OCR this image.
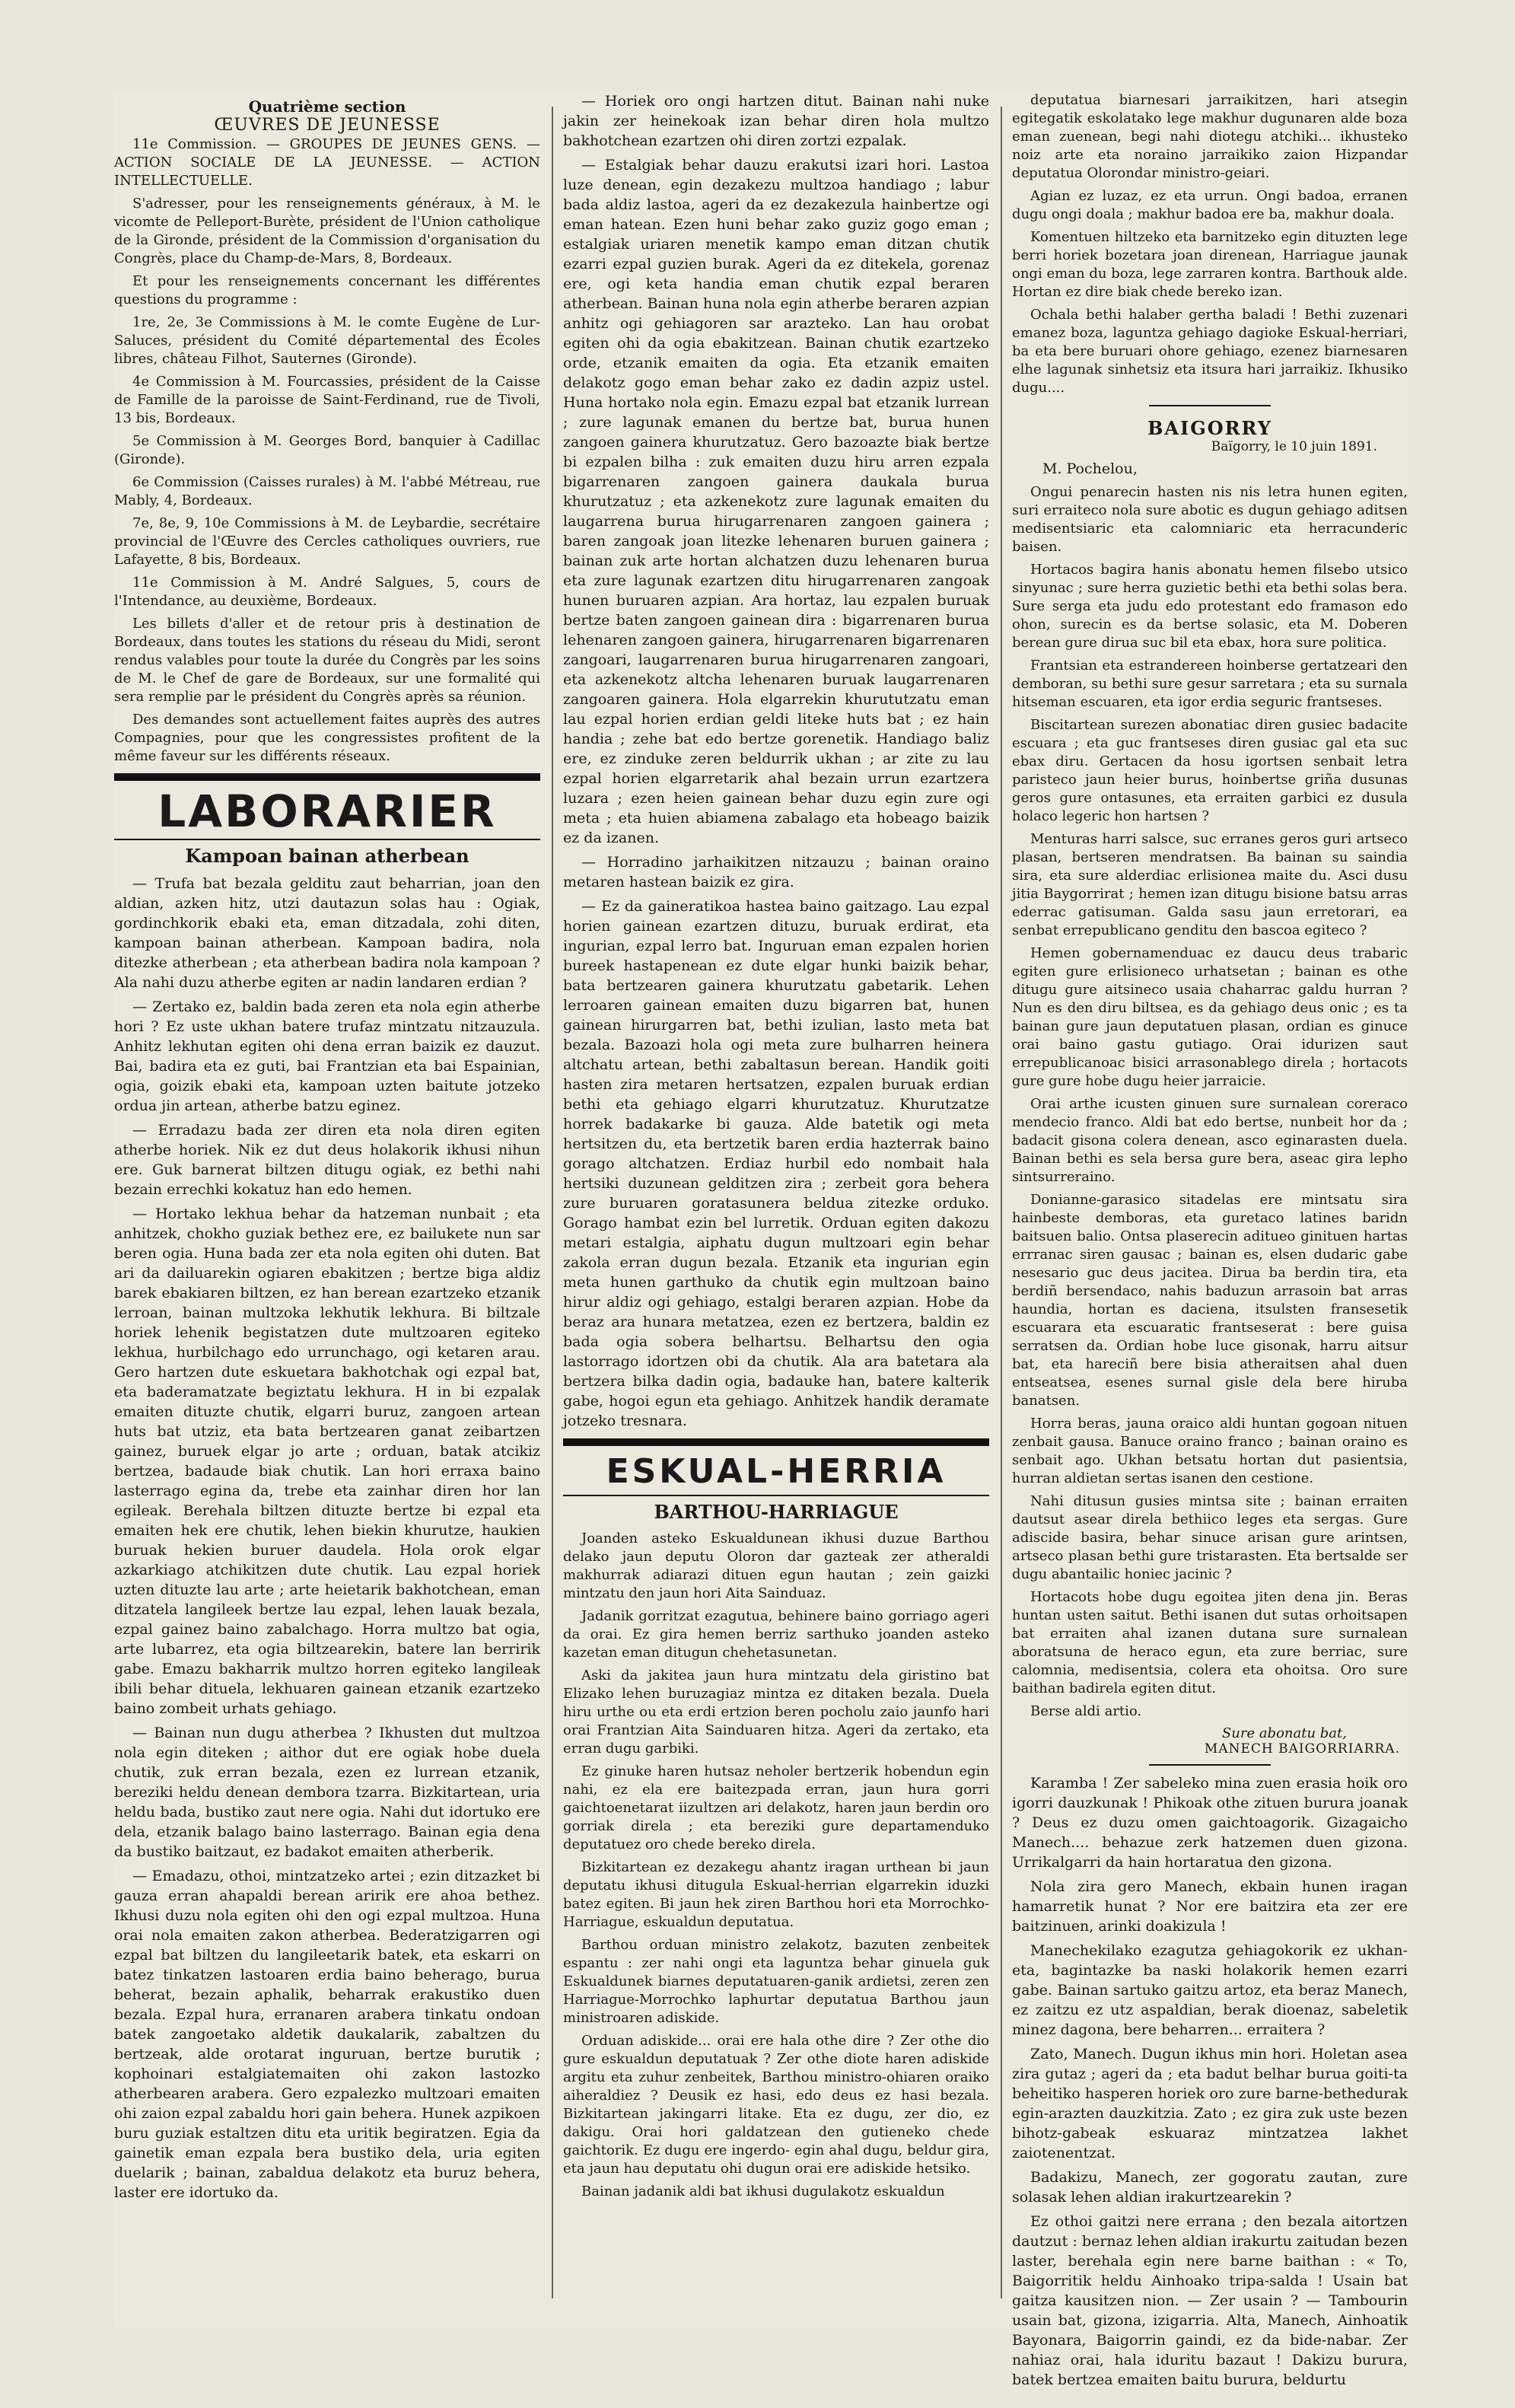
Quatrième section
ŒUVRES DE JEUNESSE

11e Commission. — GROUPES DE JEUNES GENS. — ACTION SOCIALE DE LA JEUNESSE. — ACTION INTELLECTUELLE.

S'adresser, pour les renseignements généraux, à M. le vicomte de Pelleport-Burète, président de l'Union catholique de la Gironde, président de la Commission d'organisation du Congrès, place du Champ-de-Mars, 8, Bordeaux.

Et pour les renseignements concernant les différentes questions du programme :

1re, 2e, 3e Commissions à M. le comte Eugène de Lur-Saluces, président du Comité départemental des Écoles libres, château Filhot, Sauternes (Gironde).

4e Commission à M. Fourcassies, président de la Caisse de Famille de la paroisse de Saint-Ferdinand, rue de Tivoli, 13 bis, Bordeaux.

5e Commission à M. Georges Bord, banquier à Cadillac (Gironde).

6e Commission (Caisses rurales) à M. l'abbé Métreau, rue Mably, 4, Bordeaux.

7e, 8e, 9, 10e Commissions à M. de Leybardie, secrétaire provincial de l'Œuvre des Cercles catholiques ouvriers, rue Lafayette, 8 bis, Bordeaux.

11e Commission à M. André Salgues, 5, cours de l'Intendance, au deuxième, Bordeaux.

Les billets d'aller et de retour pris à destination de Bordeaux, dans toutes les stations du réseau du Midi, seront rendus valables pour toute la durée du Congrès par les soins de M. le Chef de gare de Bordeaux, sur une formalité qui sera remplie par le président du Congrès après sa réunion.

Des demandes sont actuellement faites auprès des autres Compagnies, pour que les congressistes profitent de la même faveur sur les différents réseaux.

LABORARIER
Kampoan bainan atherbean

— Trufa bat bezala gelditu zaut beharrian, joan den aldian, azken hitz, utzi dautazun solas hau : Ogiak, gordinchkorik ebaki eta, eman ditzadala, zohi diten, kampoan bainan atherbean. Kampoan badira, nola ditezke atherbean ; eta atherbean badira nola kampoan ? Ala nahi duzu atherbe egiten ar nadin landaren erdian ?

— Zertako ez, baldin bada zeren eta nola egin atherbe hori ? Ez uste ukhan batere trufaz mintzatu nitzauzula. Anhitz lekhutan egiten ohi dena erran baizik ez dauzut. Bai, badira eta ez guti, bai Frantzian eta bai Espainian, ogia, goizik ebaki eta, kampoan uzten baitute jotzeko ordua jin artean, atherbe batzu eginez.

— Erradazu bada zer diren eta nola diren egiten atherbe horiek. Nik ez dut deus holakorik ikhusi nihun ere. Guk barnerat biltzen ditugu ogiak, ez bethi nahi bezain errechki kokatuz han edo hemen.

— Hortako lekhua behar da hatzeman nunbait ; eta anhitzek, chokho guziak bethez ere, ez bailukete nun sar beren ogia. Huna bada zer eta nola egiten ohi duten. Bat ari da dailuarekin ogiaren ebakitzen ; bertze biga aldiz barek ebakiaren biltzen, ez han berean ezartzeko etzanik lerroan, bainan multzoka lekhutik lekhura. Bi biltzale horiek lehenik begistatzen dute multzoaren egiteko lekhua, hurbilchago edo urrunchago, ogi ketaren arau. Gero hartzen dute eskuetara bakhotchak ogi ezpal bat, eta baderamatzate begiztatu lekhura. H in bi ezpalak emaiten dituzte chutik, elgarri buruz, zangoen artean huts bat utziz, eta bata bertzearen ganat zeibartzen gainez, buruek elgar jo arte ; orduan, batak atcikiz bertzea, badaude biak chutik. Lan hori erraxa baino lasterrago egina da, trebe eta zainhar diren hor lan egileak. Berehala biltzen dituzte bertze bi ezpal eta emaiten hek ere chutik, lehen biekin khurutze, haukien buruak hekien buruer daudela. Hola orok elgar azkarkiago atchikitzen dute chutik. Lau ezpal horiek uzten dituzte lau arte ; arte heietarik bakhotchean, eman ditzatela langileek bertze lau ezpal, lehen lauak bezala, ezpal gainez baino zabalchago. Horra multzo bat ogia, arte lubarrez, eta ogia biltzearekin, batere lan berririk gabe. Emazu bakharrik multzo horren egiteko langileak ibili behar dituela, lekhuaren gainean etzanik ezartzeko baino zombeit urhats gehiago.

— Bainan nun dugu atherbea ? Ikhusten dut multzoa nola egin diteken ; aithor dut ere ogiak hobe duela chutik, zuk erran bezala, ezen ez lurrean etzanik, bereziki heldu denean dembora tzarra. Bizkitartean, uria heldu bada, bustiko zaut nere ogia. Nahi dut idortuko ere dela, etzanik balago baino lasterrago. Bainan egia dena da bustiko baitzaut, ez badakot emaiten atherberik.

— Emadazu, othoi, mintzatzeko artei ; ezin ditzazket bi gauza erran ahapaldi berean aririk ere ahoa bethez. Ikhusi duzu nola egiten ohi den ogi ezpal multzoa. Huna orai nola emaiten zakon atherbea. Bederatzigarren ogi ezpal bat biltzen du langileetarik batek, eta eskarri on batez tinkatzen lastoaren erdia baino beherago, burua beherat, bezain aphalik, beharrak erakustiko duen bezala. Ezpal hura, erranaren arabera tinkatu ondoan batek zangoetako aldetik daukalarik, zabaltzen du bertzeak, alde orotarat inguruan, bertze burutik ; kophoinari estalgiatemaiten ohi zakon lastozko atherbearen arabera. Gero ezpalezko multzoari emaiten ohi zaion ezpal zabaldu hori gain behera. Hunek azpikoen buru guziak estaltzen ditu eta uritik begiratzen. Egia da gainetik eman ezpala bera bustiko dela, uria egiten duelarik ; bainan, zabaldua delakotz eta buruz behera, laster ere idortuko da.

— Horiek oro ongi hartzen ditut. Bainan nahi nuke jakin zer heinekoak izan behar diren hola multzo bakhotchean ezartzen ohi diren zortzi ezpalak.

— Estalgiak behar dauzu erakutsi izari hori. Lastoa luze denean, egin dezakezu multzoa handiago ; labur bada aldiz lastoa, ageri da ez dezakezula hainbertze ogi eman hatean. Ezen huni behar zako guziz gogo eman ; estalgiak uriaren menetik kampo eman ditzan chutik ezarri ezpal guzien burak. Ageri da ez ditekela, gorenaz ere, ogi keta handia eman chutik ezpal beraren atherbean. Bainan huna nola egin atherbe beraren azpian anhitz ogi gehiagoren sar arazteko. Lan hau orobat egiten ohi da ogia ebakitzean. Bainan chutik ezartzeko orde, etzanik emaiten da ogia. Eta etzanik emaiten delakotz gogo eman behar zako ez dadin azpiz ustel. Huna hortako nola egin. Emazu ezpal bat etzanik lurrean ; zure lagunak emanen du bertze bat, burua hunen zangoen gainera khurutzatuz. Gero bazoazte biak bertze bi ezpalen bilha : zuk emaiten duzu hiru arren ezpala bigarrenaren zangoen gainera daukala burua khurutzatuz ; eta azkenekotz zure lagunak emaiten du laugarrena burua hirugarrenaren zangoen gainera ; baren zangoak joan litezke lehenaren buruen gainera ; bainan zuk arte hortan alchatzen duzu lehenaren burua eta zure lagunak ezartzen ditu hirugarrenaren zangoak hunen buruaren azpian. Ara hortaz, lau ezpalen buruak bertze baten zangoen gainean dira : bigarrenaren burua lehenaren zangoen gainera, hirugarrenaren bigarrenaren zangoari, laugarrenaren burua hirugarrenaren zangoari, eta azkenekotz altcha lehenaren buruak laugarrenaren zangoaren gainera. Hola elgarrekin khurututzatu eman lau ezpal horien erdian geldi liteke huts bat ; ez hain handia ; zehe bat edo bertze gorenetik. Handiago baliz ere, ez zinduke zeren beldurrik ukhan ; ar zite zu lau ezpal horien elgarretarik ahal bezain urrun ezartzera luzara ; ezen heien gainean behar duzu egin zure ogi meta ; eta huien abiamena zabalago eta hobeago baizik ez da izanen.

— Horradino jarhaikitzen nitzauzu ; bainan oraino metaren hastean baizik ez gira.

— Ez da gaineratikoa hastea baino gaitzago. Lau ezpal horien gainean ezartzen dituzu, buruak erdirat, eta ingurian, ezpal lerro bat. Inguruan eman ezpalen horien bureek hastapenean ez dute elgar hunki baizik behar, bata bertzearen gainera khurutzatu gabetarik. Lehen lerroaren gainean emaiten duzu bigarren bat, hunen gainean hirurgarren bat, bethi izulian, lasto meta bat bezala. Bazoazi hola ogi meta zure bulharren heinera altchatu artean, bethi zabaltasun berean. Handik goiti hasten zira metaren hertsatzen, ezpalen buruak erdian bethi eta gehiago elgarri khurutzatuz. Khurutzatze horrek badakarke bi gauza. Alde batetik ogi meta hertsitzen du, eta bertzetik baren erdia hazterrak baino gorago altchatzen. Erdiaz hurbil edo nombait hala hertsiki duzunean gelditzen zira ; zerbeit gora behera zure buruaren goratasunera beldua zitezke orduko. Gorago hambat ezin bel lurretik. Orduan egiten dakozu metari estalgia, aiphatu dugun multzoari egin behar zakola erran dugun bezala. Etzanik eta ingurian egin meta hunen garthuko da chutik egin multzoan baino hirur aldiz ogi gehiago, estalgi beraren azpian. Hobe da beraz ara hunara metatzea, ezen ez bertzera, baldin ez bada ogia sobera belhartsu. Belhartsu den ogia lastorrago idortzen obi da chutik. Ala ara batetara ala bertzera bilka dadin ogia, badauke han, batere kalterik gabe, hogoi egun eta gehiago. Anhitzek handik deramate jotzeko tresnara.

ESKUAL-HERRIA
BARTHOU-HARRIAGUE

Joanden asteko Eskualdunean ikhusi duzue Barthou delako jaun deputu Oloron dar gazteak zer atheraldi makhurrak adiarazi dituen egun hautan ; zein gaizki mintzatu den jaun hori Aita Sainduaz.

Jadanik gorritzat ezagutua, behinere baino gorriago ageri da orai. Ez gira hemen berriz sarthuko joanden asteko kazetan eman ditugun chehetasunetan.

Aski da jakitea jaun hura mintzatu dela giristino bat Elizako lehen buruzagiaz mintza ez ditaken bezala. Duela hiru urthe ou eta erdi ertzion beren pocholu zaio jaunfo hari orai Frantzian Aita Sainduaren hitza. Ageri da zertako, eta erran dugu garbiki.

Ez ginuke haren hutsaz neholer bertzerik hobendun egin nahi, ez ela ere baitezpada erran, jaun hura gorri gaichtoenetarat iizultzen ari delakotz, haren jaun berdin oro gorriak direla ; eta bereziki gure departamenduko deputatuez oro chede bereko direla.

Bizkitartean ez dezakegu ahantz iragan urthean bi jaun deputatu ikhusi ditugula Eskual-herrian elgarrekin iduzki batez egiten. Bi jaun hek ziren Barthou hori eta Morrochko-Harriague, eskualdun deputatua.

Barthou orduan ministro zelakotz, bazuten zenbeitek espantu : zer nahi ongi eta laguntza behar ginuela guk Eskualdunek biarnes deputatuaren-ganik ardietsi, zeren zen Harriague-Morrochko laphurtar deputatua Barthou jaun ministroaren adiskide.

Orduan adiskide... orai ere hala othe dire ? Zer othe dio gure eskualdun deputatuak ? Zer othe diote haren adiskide argitu eta zuhur zenbeitek, Barthou ministro-ohiaren oraiko aiheraldiez ? Deusik ez hasi, edo deus ez hasi bezala. Bizkitartean jakingarri litake. Eta ez dugu, zer dio, ez dakigu. Orai hori galdatzean den gutieneko chede gaichtorik. Ez dugu ere ingerdo- egin ahal dugu, beldur gira, eta jaun hau deputatu ohi dugun orai ere adiskide hetsiko.

Bainan jadanik aldi bat ikhusi dugulakotz eskualdun

deputatua biarnesari jarraikitzen, hari atsegin egitegatik eskolatako lege makhur dugunaren alde boza eman zuenean, begi nahi diotegu atchiki... ikhusteko noiz arte eta noraino jarraikiko zaion Hizpandar deputatua Olorondar ministro-geiari.

Agian ez luzaz, ez eta urrun. Ongi badoa, erranen dugu ongi doala ; makhur badoa ere ba, makhur doala.

Komentuen hiltzeko eta barnitzeko egin dituzten lege berri horiek bozetara joan direnean, Harriague jaunak ongi eman du boza, lege zarraren kontra. Barthouk alde. Hortan ez dire biak chede bereko izan.

Ochala bethi halaber gertha baladi ! Bethi zuzenari emanez boza, laguntza gehiago dagioke Eskual-herriari, ba eta bere buruari ohore gehiago, ezenez biarnesaren elhe lagunak sinhetsiz eta itsura hari jarraikiz. Ikhusiko dugu....

BAIGORRY
Baïgorry, le 10 juin 1891.
M. Pochelou,

Ongui penarecin hasten nis nis letra hunen egiten, suri erraiteco nola sure abotic es dugun gehiago aditsen medisentsiaric eta calomniaric eta herracunderic baisen.

Hortacos bagira hanis abonatu hemen filsebo utsico sinyunac ; sure herra guzietic bethi eta bethi solas bera. Sure serga eta judu edo protestant edo framason edo ohon, surecin es da bertse solasic, eta M. Doberen berean gure dirua suc bil eta ebax, hora sure politica.

Frantsian eta estrandereen hoinberse gertatzeari den demboran, su bethi sure gesur sarretara ; eta su surnala hitseman escuaren, eta igor erdia seguric frantseses.

Biscitartean surezen abonatiac diren gusiec badacite escuara ; eta guc frantseses diren gusiac gal eta suc ebax diru. Gertacen da hosu igortsen senbait letra paristeco jaun heier burus, hoinbertse griña dusunas geros gure ontasunes, eta erraiten garbici ez dusula holaco legeric hon hartsen ?

Menturas harri salsce, suc erranes geros guri artseco plasan, bertseren mendratsen. Ba bainan su saindia sira, eta sure alderdiac erlisionea maite du. Asci dusu jitia Baygorrirat ; hemen izan ditugu bisione batsu arras ederrac gatisuman. Galda sasu jaun erretorari, ea senbat errepublicano genditu den bascoa egiteco ?

Hemen gobernamenduac ez daucu deus trabaric egiten gure erlisioneco urhatsetan ; bainan es othe ditugu gure aitsineco usaia chaharrac galdu hurran ? Nun es den diru biltsea, es da gehiago deus onic ; es ta bainan gure jaun deputatuen plasan, ordian es ginuce orai baino gastu gutiago. Orai idurizen saut errepublicanoac bisici arrasonablego direla ; hortacots gure gure hobe dugu heier jarraicie.

Orai arthe icusten ginuen sure surnalean coreraco mendecio franco. Aldi bat edo bertse, nunbeit hor da ; badacit gisona colera denean, asco eginarasten duela. Bainan bethi es sela bersa gure bera, aseac gira lepho sintsurreraino.

Donianne-garasico sitadelas ere mintsatu sira hainbeste demboras, eta guretaco latines baridn baitsuen balio. Ontsa plaserecin aditueo ginituen hartas errranac siren gausac ; bainan es, elsen dudaric gabe nesesario guc deus jacitea. Dirua ba berdin tira, eta berdiñ bersendaco, nahis baduzun arrasoin bat arras haundia, hortan es daciena, itsulsten fransesetik escuarara eta escuaratic frantseserat : bere guisa serratsen da. Ordian hobe luce gisonak, harru aitsur bat, eta hareciñ bere bisia atheraitsen ahal duen entseatsea, esenes surnal gisle dela bere hiruba banatsen.

Horra beras, jauna oraico aldi huntan gogoan nituen zenbait gausa. Banuce oraino franco ; bainan oraino es senbait ago. Ukhan betsatu hortan dut pasientsia, hurran aldietan sertas isanen den cestione.

Nahi ditusun gusies mintsa site ; bainan erraiten dautsut asear direla bethiico leges eta sergas. Gure adiscide basira, behar sinuce arisan gure arintsen, artseco plasan bethi gure tristarasten. Eta bertsalde ser dugu abantailic honiec jacinic ?

Hortacots hobe dugu egoitea jiten dena jin. Beras huntan usten saitut. Bethi isanen dut sutas orhoitsapen bat erraiten ahal izanen dutana sure surnalean aboratsuna de heraco egun, eta zure berriac, sure calomnia, medisentsia, colera eta ohoitsa. Oro sure baithan badirela egiten ditut.

Berse aldi artio.

Sure abonatu bat,
MANECH BAIGORRIARRA.

Karamba ! Zer sabeleko mina zuen erasia hoik oro igorri dauzkunak ! Phikoak othe zituen burura joanak ? Deus ez duzu omen gaichtoagorik. Gizagaicho Manech.... behazue zerk hatzemen duen gizona. Urrikalgarri da hain hortaratua den gizona.

Nola zira gero Manech, ekbain hunen iragan hamarretik hunat ? Nor ere baitzira eta zer ere baitzinuen, arinki doakizula !

Manechekilako ezagutza gehiagokorik ez ukhan-eta, bagintazke ba naski holakorik hemen ezarri gabe. Bainan sartuko gaitzu artoz, eta beraz Manech, ez zaitzu ez utz aspaldian, berak dioenaz, sabeletik minez dagona, bere beharren... erraitera ?

Zato, Manech. Dugun ikhus min hori. Holetan asea zira gutaz ; ageri da ; eta badut belhar burua goiti-ta beheitiko hasperen horiek oro zure barne-bethedurak egin-arazten dauzkitzia. Zato ; ez gira zuk uste bezen bihotz-gabeak eskuaraz mintzatzea lakhet zaiotenentzat.

Badakizu, Manech, zer gogoratu zautan, zure solasak lehen aldian irakurtzearekin ?

Ez othoi gaitzi nere errana ; den bezala aitortzen dautzut : bernaz lehen aldian irakurtu zaitudan bezen laster, berehala egin nere barne baithan : « To, Baigorritik heldu Ainhoako tripa-salda ! Usain bat gaitza kausitzen nion. — Zer usain ? — Tambourin usain bat, gizona, izigarria. Alta, Manech, Ainhoatik Bayonara, Baigorrin gaindi, ez da bide-nabar. Zer nahiaz orai, hala iduritu bazaut ! Dakizu burura, batek bertzea emaiten baitu burura, beldurtu
